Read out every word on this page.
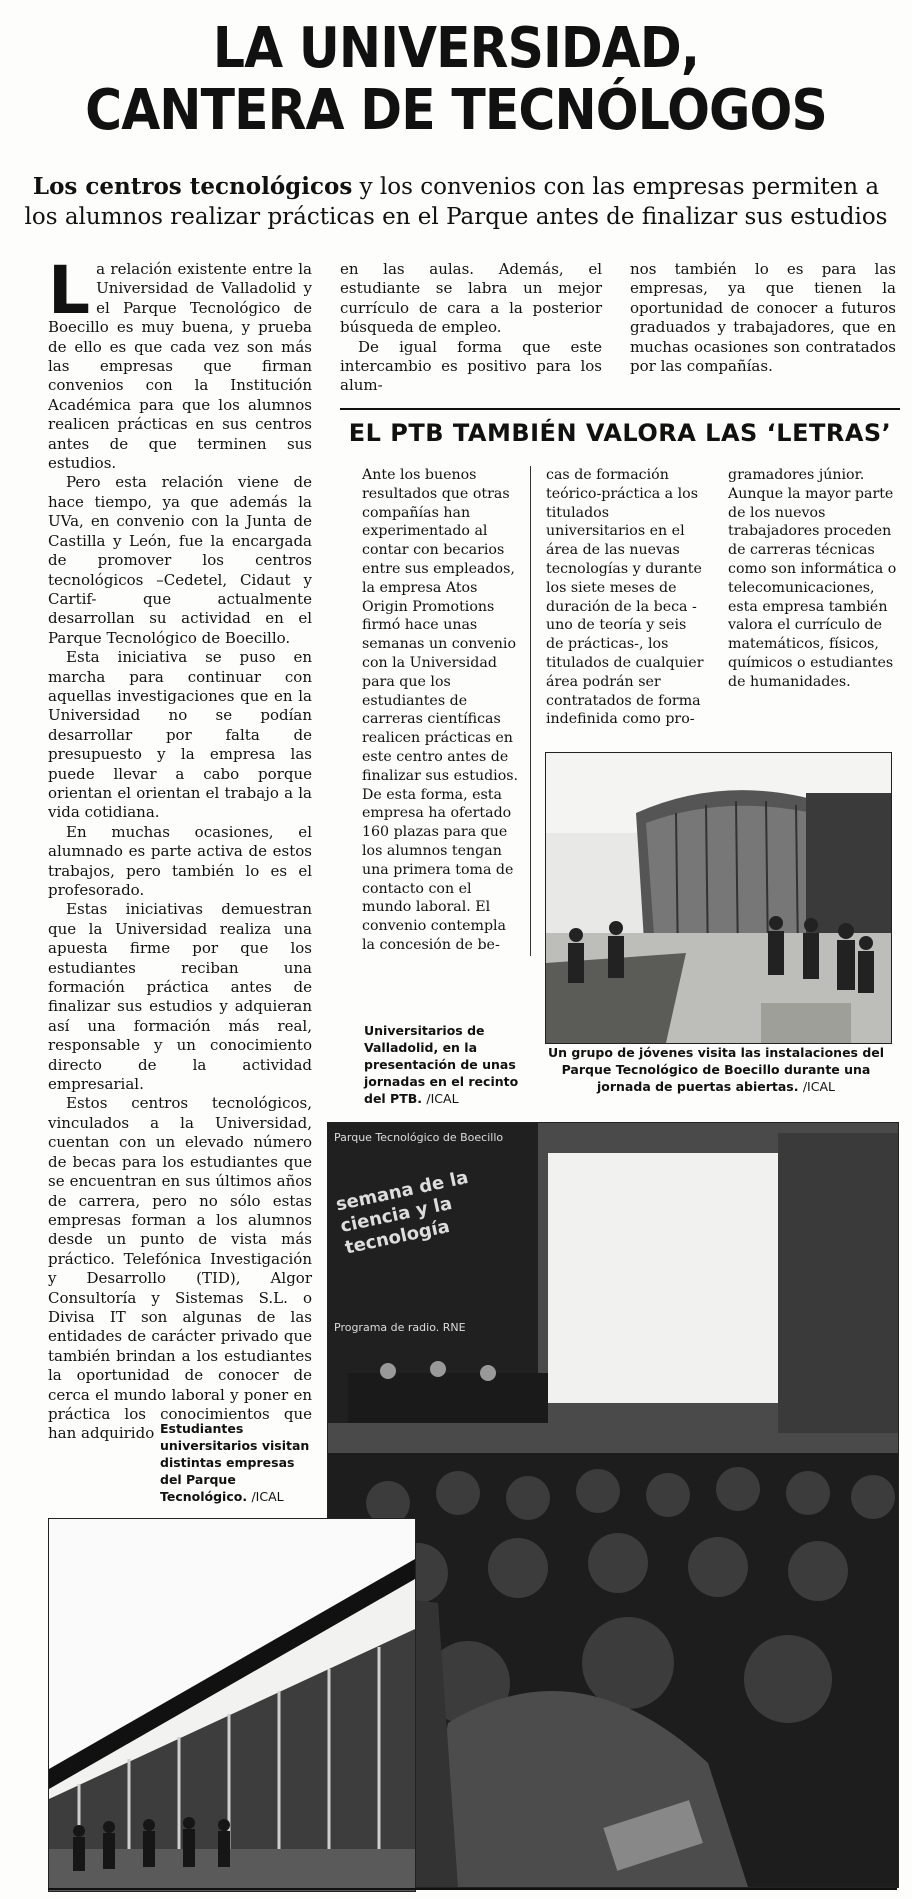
LA UNIVERSIDAD,
CANTERA DE TECNÓLOGOS
Los centros tecnológicos y los convenios con las empresas permiten a
los alumnos realizar prácticas en el Parque antes de finalizar sus estudios

La relación existente entre la Universidad de Valladolid y el Parque Tecnológico de Boecillo es muy buena, y prueba de ello es que cada vez son más las empresas que firman convenios con la Institución Académica para que los alumnos realicen prácticas en sus centros antes de que terminen sus estudios.

Pero esta relación viene de hace tiempo, ya que además la UVa, en convenio con la Junta de Castilla y León, fue la encargada de promover los centros tecnológicos –Cedetel, Cidaut y Cartif- que actualmente desarrollan su actividad en el Parque Tecnológico de Boecillo.

Esta iniciativa se puso en marcha para continuar con aquellas investigaciones que en la Universidad no se podían desarrollar por falta de presupuesto y la empresa las puede llevar a cabo porque orientan el orientan el trabajo a la vida cotidiana.

En muchas ocasiones, el alumnado es parte activa de estos trabajos, pero también lo es el profesorado.

Estas iniciativas demuestran que la Universidad realiza una apuesta firme por que los estudiantes reciban una formación práctica antes de finalizar sus estudios y adquieran así una formación más real, responsable y un conocimiento directo de la actividad empresarial.

Estos centros tecnológicos, vinculados a la Universidad, cuentan con un elevado número de becas para los estudiantes que se encuentran en sus últimos años de carrera, pero no sólo estas empresas forman a los alumnos desde un punto de vista más práctico. Telefónica Investigación y Desarrollo (TID), Algor Consultoría y Sistemas S.L. o Divisa IT son algunas de las entidades de carácter privado que también brindan a los estudiantes la oportunidad de conocer de cerca el mundo laboral y poner en práctica los conocimientos que han adquirido

en las aulas. Además, el estudiante se labra un mejor currículo de cara a la posterior búsqueda de empleo.

De igual forma que este intercambio es positivo para los alum-

nos también lo es para las empresas, ya que tienen la oportunidad de conocer a futuros graduados y trabajadores, que en muchas ocasiones son contratados por las compañías.

EL PTB TAMBIÉN VALORA LAS ‘LETRAS’

Ante los buenos resultados que otras compañías han experimentado al contar con becarios entre sus empleados, la empresa Atos Origin Promotions firmó hace unas semanas un convenio con la Universidad para que los estudiantes de carreras científicas realicen prácticas en este centro antes de finalizar sus estudios. De esta forma, esta empresa ha ofertado 160 plazas para que los alumnos tengan una primera toma de contacto con el mundo laboral. El convenio contempla la concesión de be-

cas de formación teórico-práctica a los titulados universitarios en el área de las nuevas tecnologías y durante los siete meses de duración de la beca -uno de teoría y seis de prácticas-, los titulados de cualquier área podrán ser contratados de forma indefinida como pro-

gramadores júnior. Aunque la mayor parte de los nuevos trabajadores proceden de carreras técnicas como son informática o telecomunicaciones, esta empresa también valora el currículo de matemáticos, físicos, químicos o estudiantes de humanidades.

Universitarios de Valladolid, en la presentación de unas jornadas en el recinto del PTB. /ICAL
Un grupo de jóvenes visita las instalaciones del Parque Tecnológico de Boecillo durante una jornada de puertas abiertas. /ICAL
Parque Tecnológico de Boecillo
semana de la ciencia y la tecnología
Programa de radio. RNE
Estudiantes universitarios visitan distintas empresas del Parque Tecnológico. /ICAL
